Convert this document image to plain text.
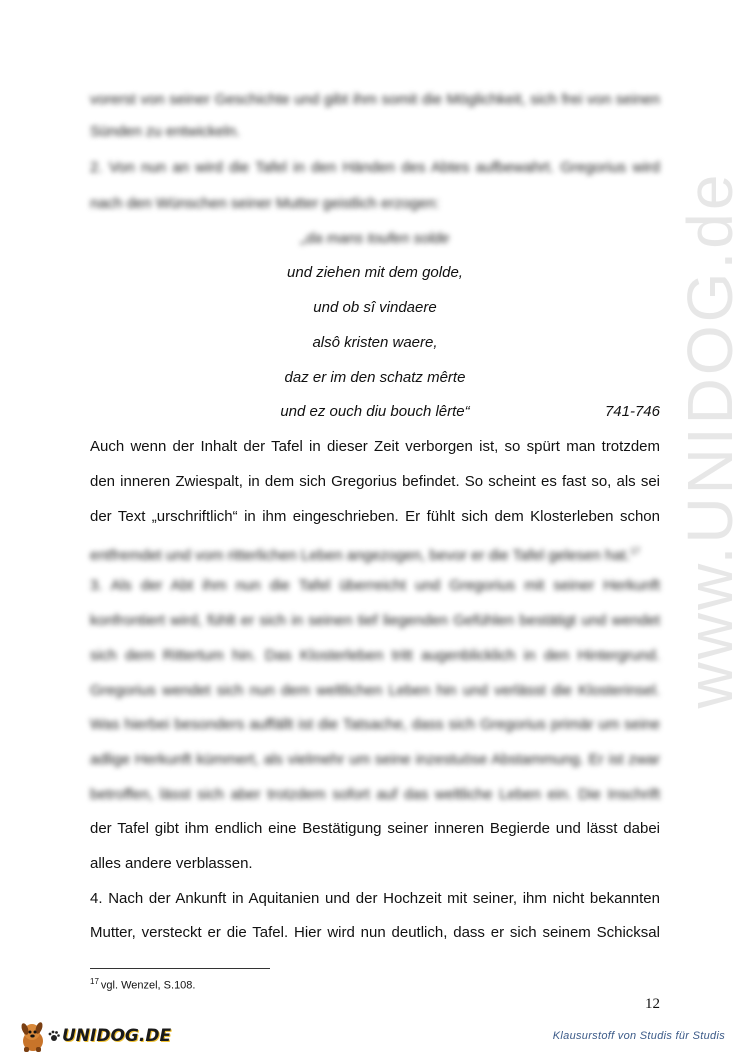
www.UNIDOG.de
vorerst von seiner Geschichte und gibt ihm somit die Möglichkeit, sich frei von seinen
Sünden zu entwickeln.
2. Von nun an wird die Tafel in den Händen des Abtes aufbewahrt. Gregorius wird
nach den Wünschen seiner Mutter geistlich erzogen:
„da mans toufen solde
und ziehen mit dem golde,
und ob sî vindaere
alsô kristen waere,
daz er im den schatz mêrte
und ez ouch diu bouch lêrte“	741-746
Auch wenn der Inhalt der Tafel in dieser Zeit verborgen ist, so spürt man trotzdem
den inneren Zwiespalt, in dem sich Gregorius befindet. So scheint es fast so, als sei
der Text „urschriftlich“ in ihm eingeschrieben. Er fühlt sich dem Klosterleben schon
entfremdet und vom ritterlichen Leben angezogen, bevor er die Tafel gelesen hat.$^{17}$
3. Als der Abt ihm nun die Tafel überreicht und Gregorius mit seiner Herkunft
konfrontiert wird, fühlt er sich in seinen tief liegenden Gefühlen bestätigt und wendet
sich dem Rittertum hin. Das Klosterleben tritt augenblicklich in den Hintergrund.
Gregorius wendet sich nun dem weltlichen Leben hin und verlässt die Klosterinsel.
Was hierbei besonders auffällt ist die Tatsache, dass sich Gregorius primär um seine
adlige Herkunft kümmert, als vielmehr um seine inzestuöse Abstammung. Er ist zwar
betroffen, lässt sich aber trotzdem sofort auf das weltliche Leben ein. Die Inschrift
der Tafel gibt ihm endlich eine Bestätigung seiner inneren Begierde und lässt dabei
alles andere verblassen.
4. Nach der Ankunft in Aquitanien und der Hochzeit mit seiner, ihm nicht bekannten
Mutter, versteckt er die Tafel. Hier wird nun deutlich, dass er sich seinem Schicksal
$^{17}$ vgl. Wenzel, S.108.
12
UNIDOG.DE	Klausurstoff von Studis für Studis
